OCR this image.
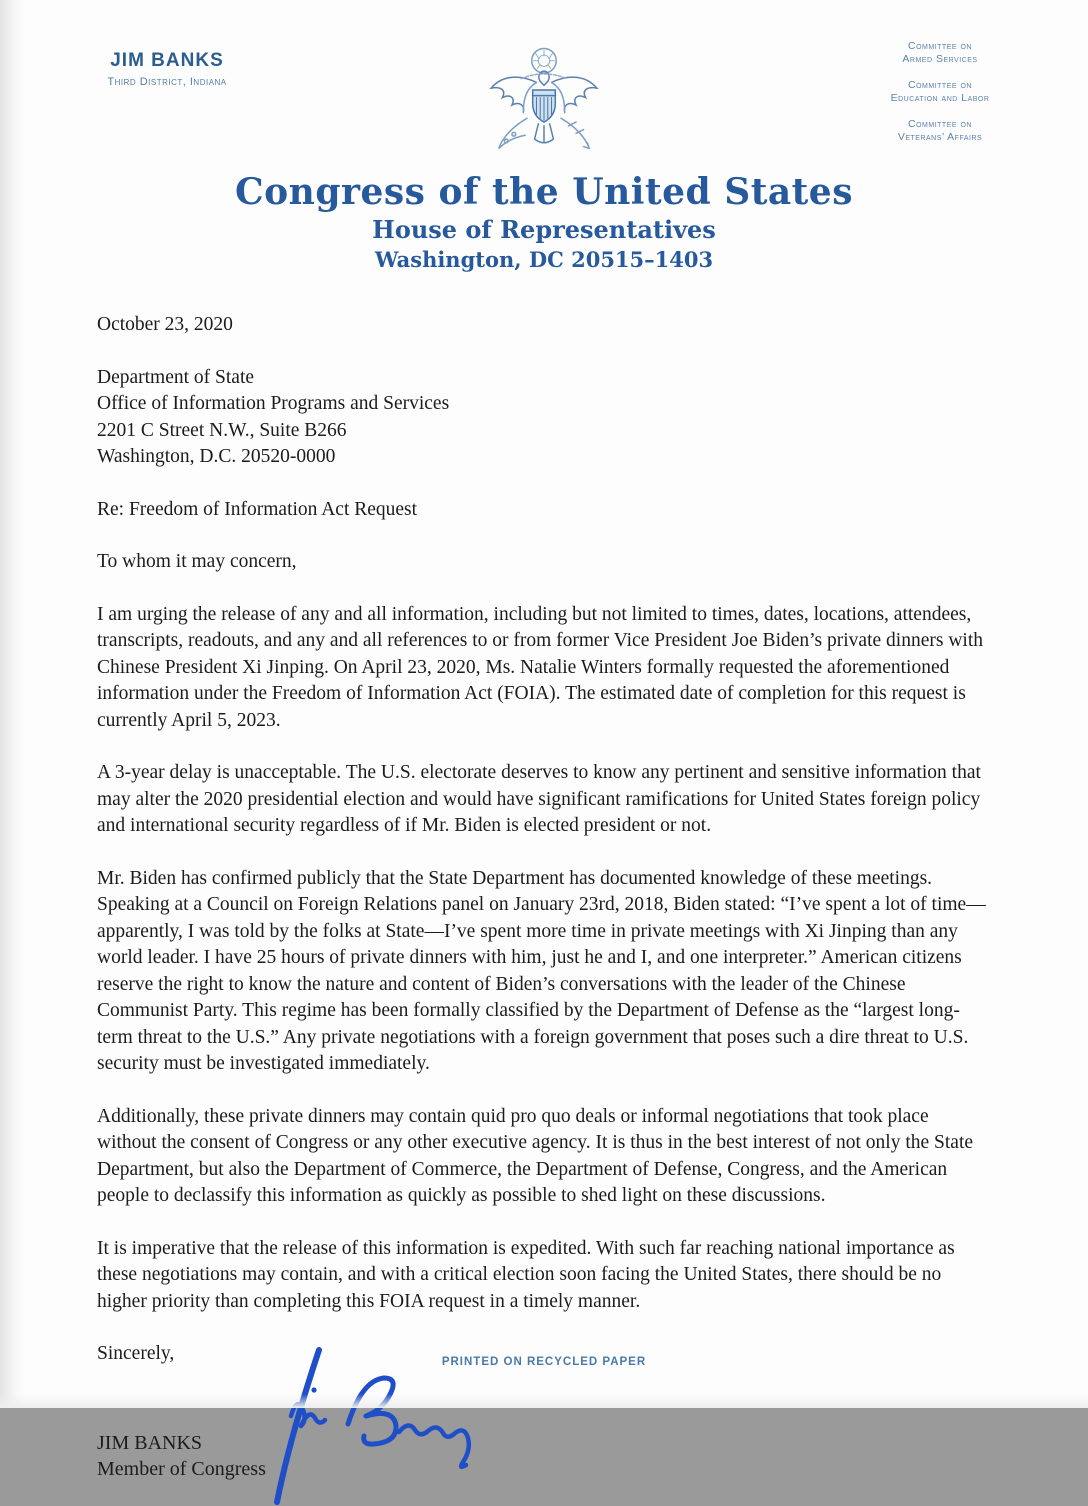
JIM BANKS
Third District, Indiana
Committee on
Armed Services
Committee on
Education and Labor
Committee on
Veterans’ Affairs
Congress of the United States
House of Representatives
Washington, DC 20515–1403

October 23, 2020

Department of State

Office of Information Programs and Services

2201 C Street N.W., Suite B266

Washington, D.C. 20520-0000

Re: Freedom of Information Act Request

To whom it may concern,

I am urging the release of any and all information, including but not limited to times, dates, locations, attendees, transcripts, readouts, and any and all references to or from former Vice President Joe Biden’s private dinners with Chinese President Xi Jinping. On April 23, 2020, Ms. Natalie Winters formally requested the aforementioned information under the Freedom of Information Act (FOIA). The estimated date of completion for this request is currently April 5, 2023.

A 3-year delay is unacceptable. The U.S. electorate deserves to know any pertinent and sensitive information that may alter the 2020 presidential election and would have significant ramifications for United States foreign policy and international security regardless of if Mr. Biden is elected president or not.

Mr. Biden has confirmed publicly that the State Department has documented knowledge of these meetings. Speaking at a Council on Foreign Relations panel on January 23rd, 2018, Biden stated: “I’ve spent a lot of time—apparently, I was told by the folks at State—I’ve spent more time in private meetings with Xi Jinping than any world leader. I have 25 hours of private dinners with him, just he and I, and one interpreter.” American citizens reserve the right to know the nature and content of Biden’s conversations with the leader of the Chinese Communist Party. This regime has been formally classified by the Department of Defense as the “largest long-term threat to the U.S.” Any private negotiations with a foreign government that poses such a dire threat to U.S. security must be investigated immediately.

Additionally, these private dinners may contain quid pro quo deals or informal negotiations that took place without the consent of Congress or any other executive agency. It is thus in the best interest of not only the State Department, but also the Department of Commerce, the Department of Defense, Congress, and the American people to declassify this information as quickly as possible to shed light on these discussions.

It is imperative that the release of this information is expedited. With such far reaching national importance as these negotiations may contain, and with a critical election soon facing the United States, there should be no higher priority than completing this FOIA request in a timely manner.

Sincerely,

JIM BANKS
Member of Congress
PRINTED ON RECYCLED PAPER
